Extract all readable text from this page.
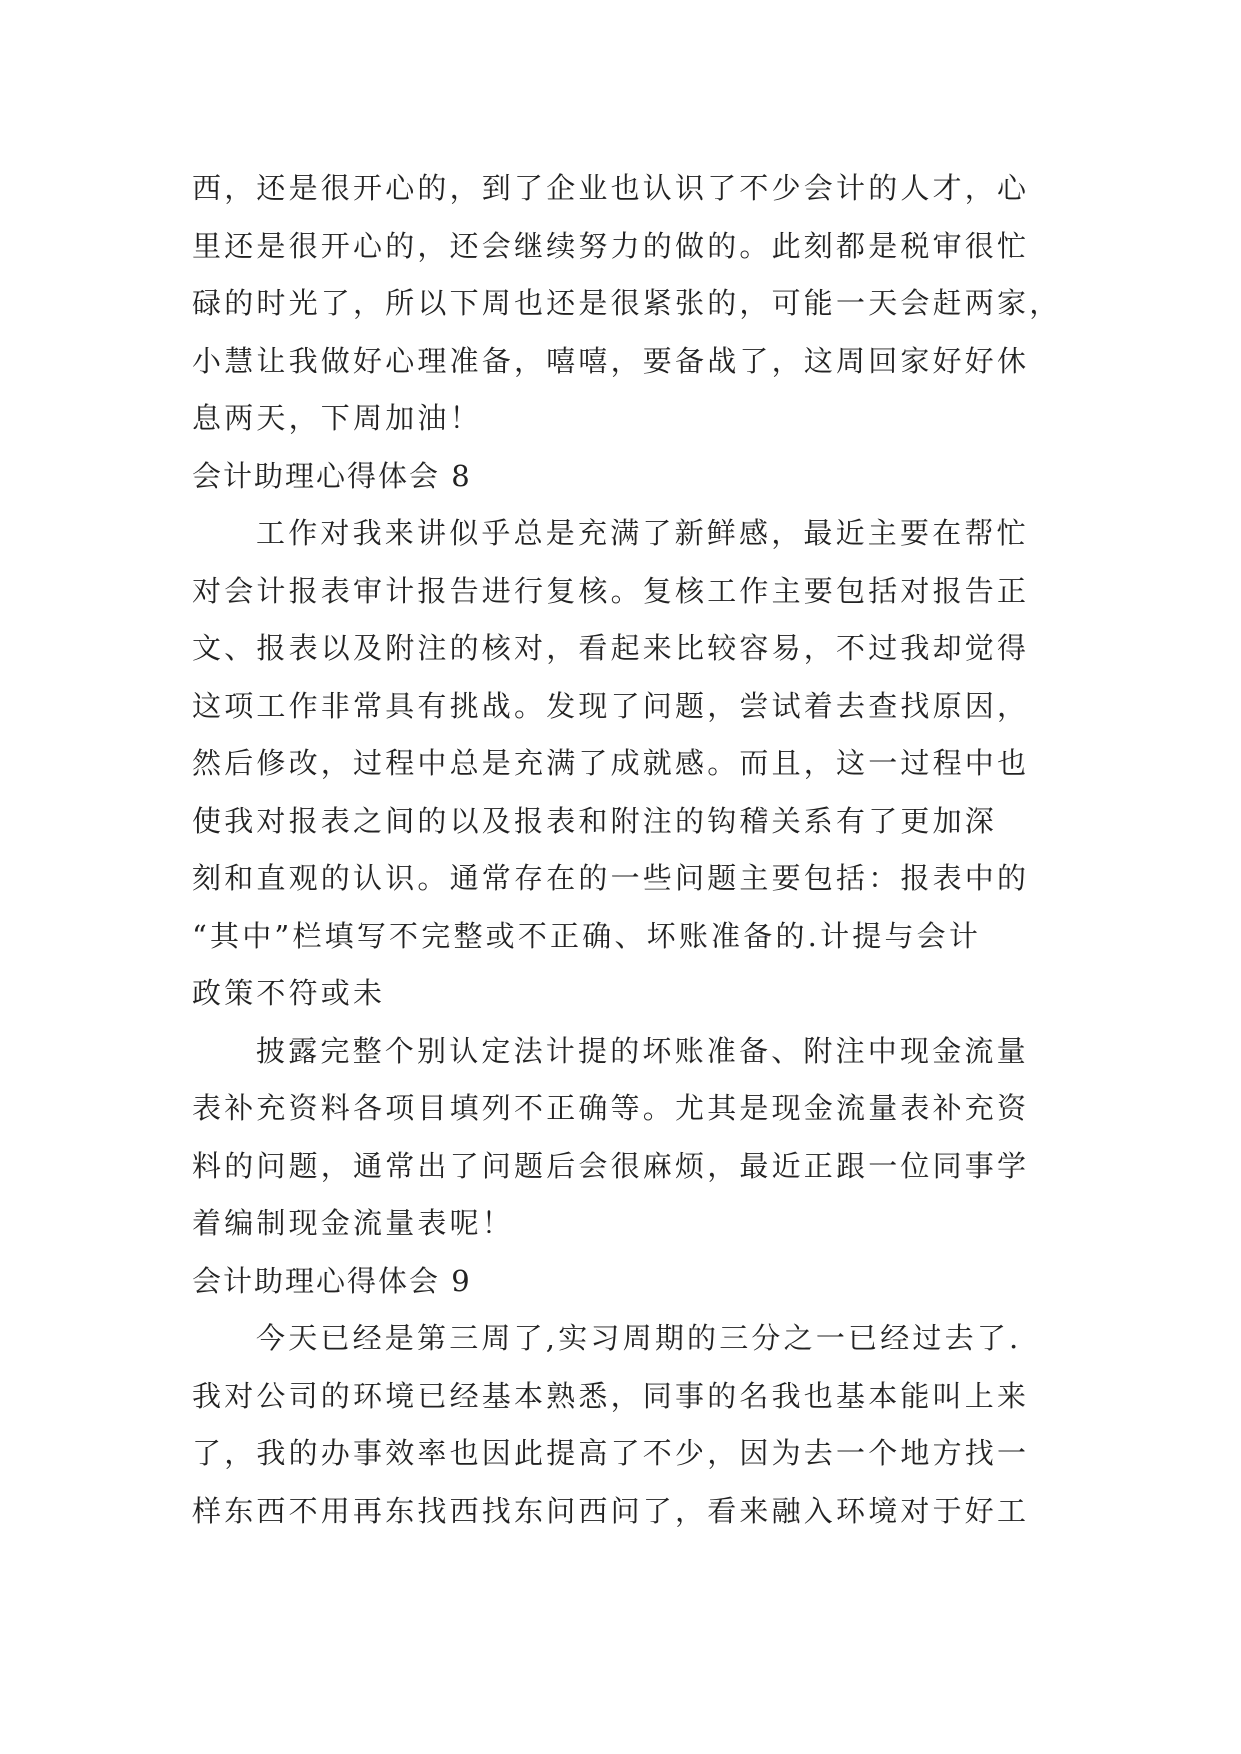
西，还是很开心的，到了企业也认识了不少会计的人才，心
里还是很开心的，还会继续努力的做的。此刻都是税审很忙
碌的时光了，所以下周也还是很紧张的，可能一天会赶两家，
小慧让我做好心理准备，嘻嘻，要备战了，这周回家好好休
息两天，下周加油！
会计助理心得体会 8
工作对我来讲似乎总是充满了新鲜感，最近主要在帮忙
对会计报表审计报告进行复核。复核工作主要包括对报告正
文、报表以及附注的核对，看起来比较容易，不过我却觉得
这项工作非常具有挑战。发现了问题，尝试着去查找原因，
然后修改，过程中总是充满了成就感。而且，这一过程中也
使我对报表之间的以及报表和附注的钩稽关系有了更加深
刻和直观的认识。通常存在的一些问题主要包括：报表中的
“其中”栏填写不完整或不正确、坏账准备的.计提与会计
政策不符或未
披露完整个别认定法计提的坏账准备、附注中现金流量
表补充资料各项目填列不正确等。尤其是现金流量表补充资
料的问题，通常出了问题后会很麻烦，最近正跟一位同事学
着编制现金流量表呢！
会计助理心得体会 9
今天已经是第三周了,实习周期的三分之一已经过去了.
我对公司的环境已经基本熟悉，同事的名我也基本能叫上来
了，我的办事效率也因此提高了不少，因为去一个地方找一
样东西不用再东找西找东问西问了，看来融入环境对于好工
